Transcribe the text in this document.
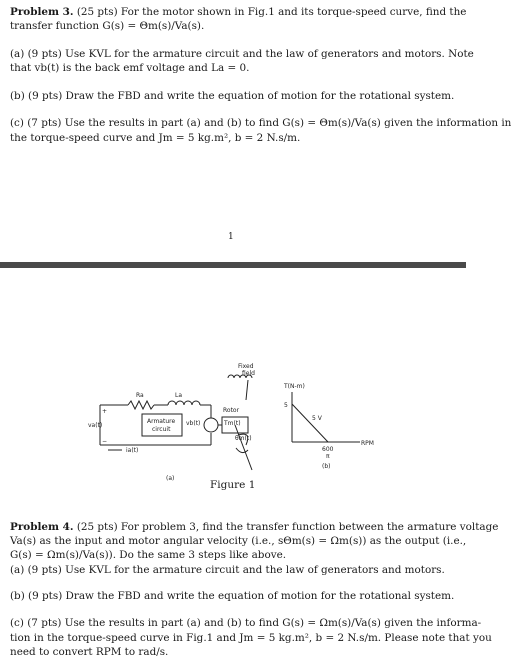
Problem 3. (25 pts) For the motor shown in Fig.1 and its torque-speed curve, find the
transfer function G(s) = Θm(s)/Va(s).
(a) (9 pts) Use KVL for the armature circuit and the law of generators and motors. Note
that vb(t) is the back emf voltage and La = 0.
(b) (9 pts) Draw the FBD and write the equation of motion for the rotational system.
(c) (7 pts) Use the results in part (a) and (b) to find G(s) = Θm(s)/Va(s) given the information in
the torque-speed curve and Jm = 5 kg.m², b = 2 N.s/m.
1
Ra	La
Fixed
field
+
−
va(t)
ia(t)
Armature
circuit
vb(t)
Rotor
Tm(t)
θm(t)
(a)
T(N-m)
5
5 V
600
π
RPM
(b)
Figure 1
Problem 4. (25 pts) For problem 3, find the transfer function between the armature voltage
Va(s) as the input and motor angular velocity (i.e., sΘm(s) = Ωm(s)) as the output (i.e.,
G(s) = Ωm(s)/Va(s)). Do the same 3 steps like above.
(a) (9 pts) Use KVL for the armature circuit and the law of generators and motors.
(b) (9 pts) Draw the FBD and write the equation of motion for the rotational system.
(c) (7 pts) Use the results in part (a) and (b) to find G(s) = Ωm(s)/Va(s) given the informa-
tion in the torque-speed curve in Fig.1 and Jm = 5 kg.m², b = 2 N.s/m. Please note that you
need to convert RPM to rad/s.
